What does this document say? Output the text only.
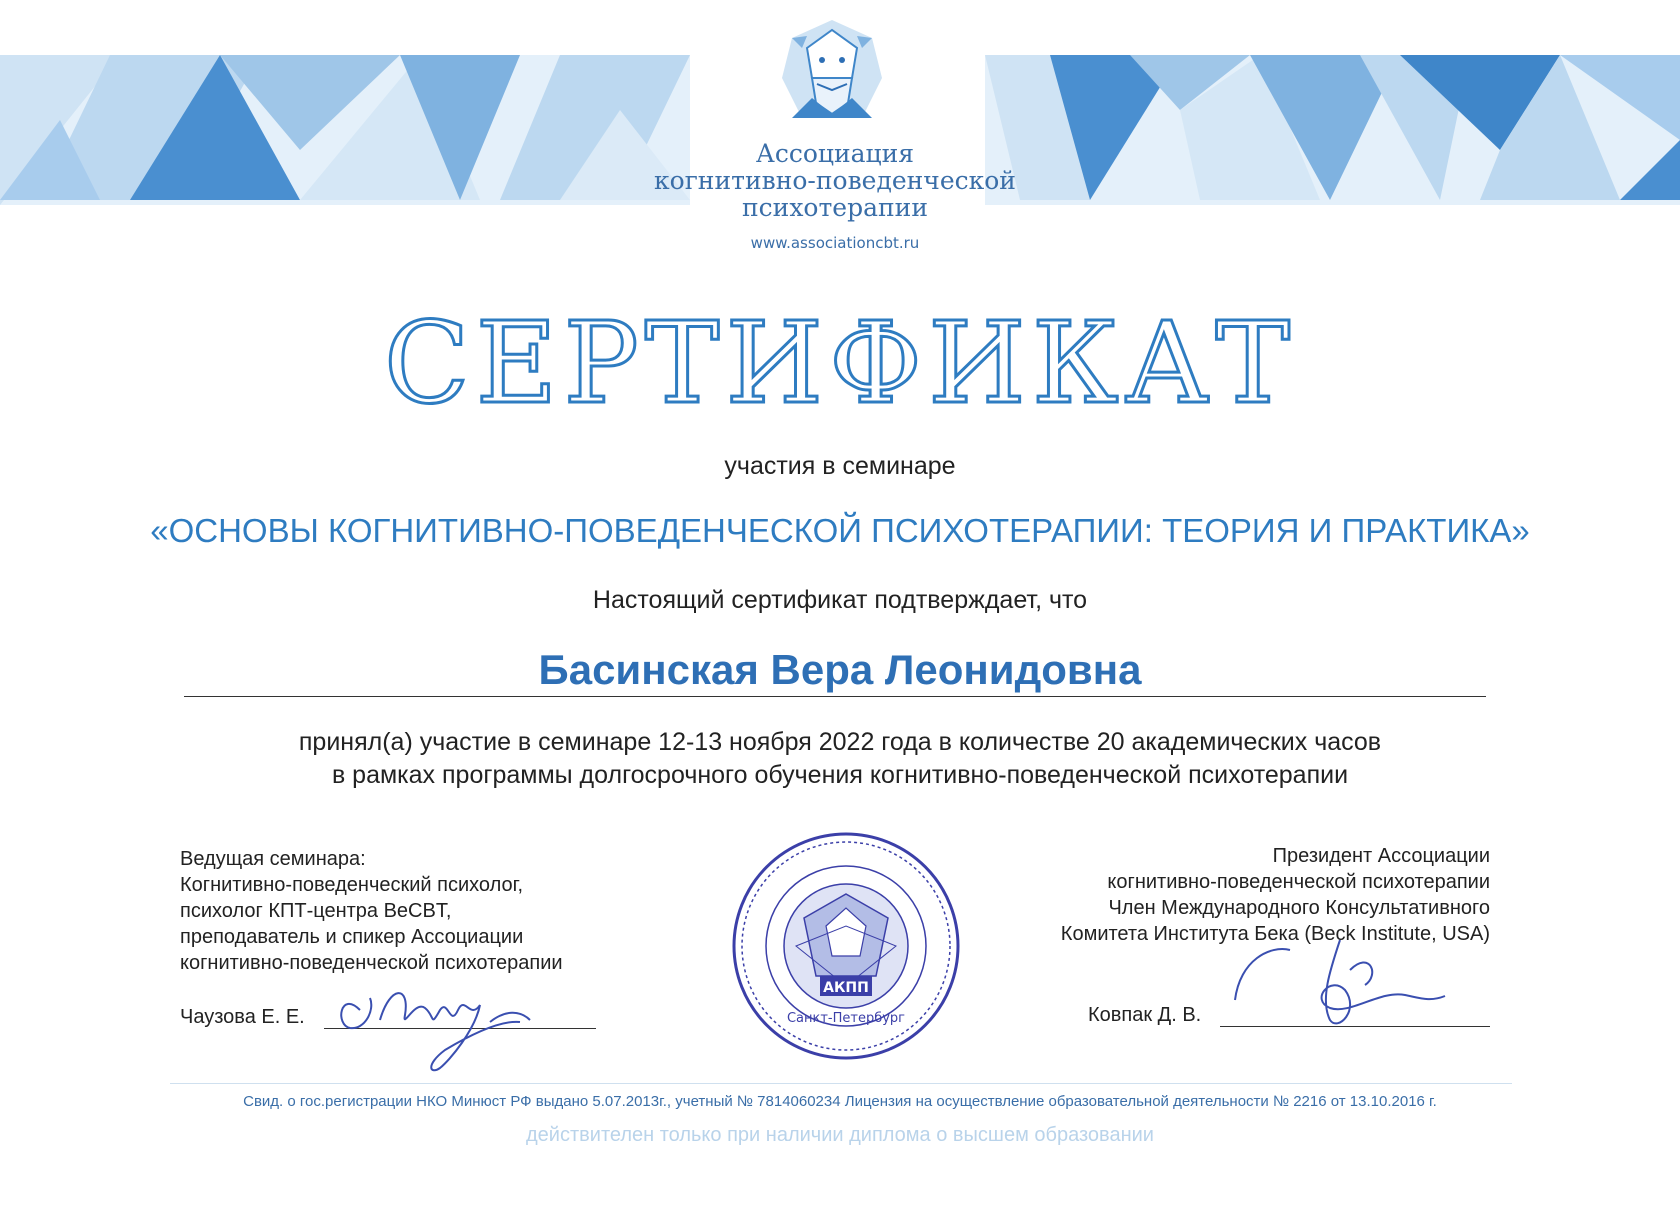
Ассоциация
когнитивно-поведенческой
психотерапии
www.associationcbt.ru
СЕРТИФИКАТ
участия в семинаре
«ОСНОВЫ КОГНИТИВНО-ПОВЕДЕНЧЕСКОЙ ПСИХОТЕРАПИИ: ТЕОРИЯ И ПРАКТИКА»
Настоящий сертификат подтверждает, что
Басинская Вера Леонидовна
принял(а) участие в семинаре 12-13 ноября 2022 года в количестве 20 академических часов
в рамках программы долгосрочного обучения когнитивно-поведенческой психотерапии
Ведущая семинара:
Когнитивно-поведенческий психолог,
психолог КПТ-центра BeCBT,
преподаватель и спикер Ассоциации
когнитивно-поведенческой психотерапии
Чаузова Е. Е.
АКПП
Санкт-Петербург
Президент Ассоциации
когнитивно-поведенческой психотерапии
Член Международного Консультативного
Комитета Института Бека (Beck Institute, USA)
Ковпак Д. В.
Свид. о гос.регистрации НКО Минюст РФ выдано 5.07.2013г., учетный № 7814060234 Лицензия на осуществление образовательной деятельности № 2216 от 13.10.2016 г.
действителен только при наличии диплома о высшем образовании
